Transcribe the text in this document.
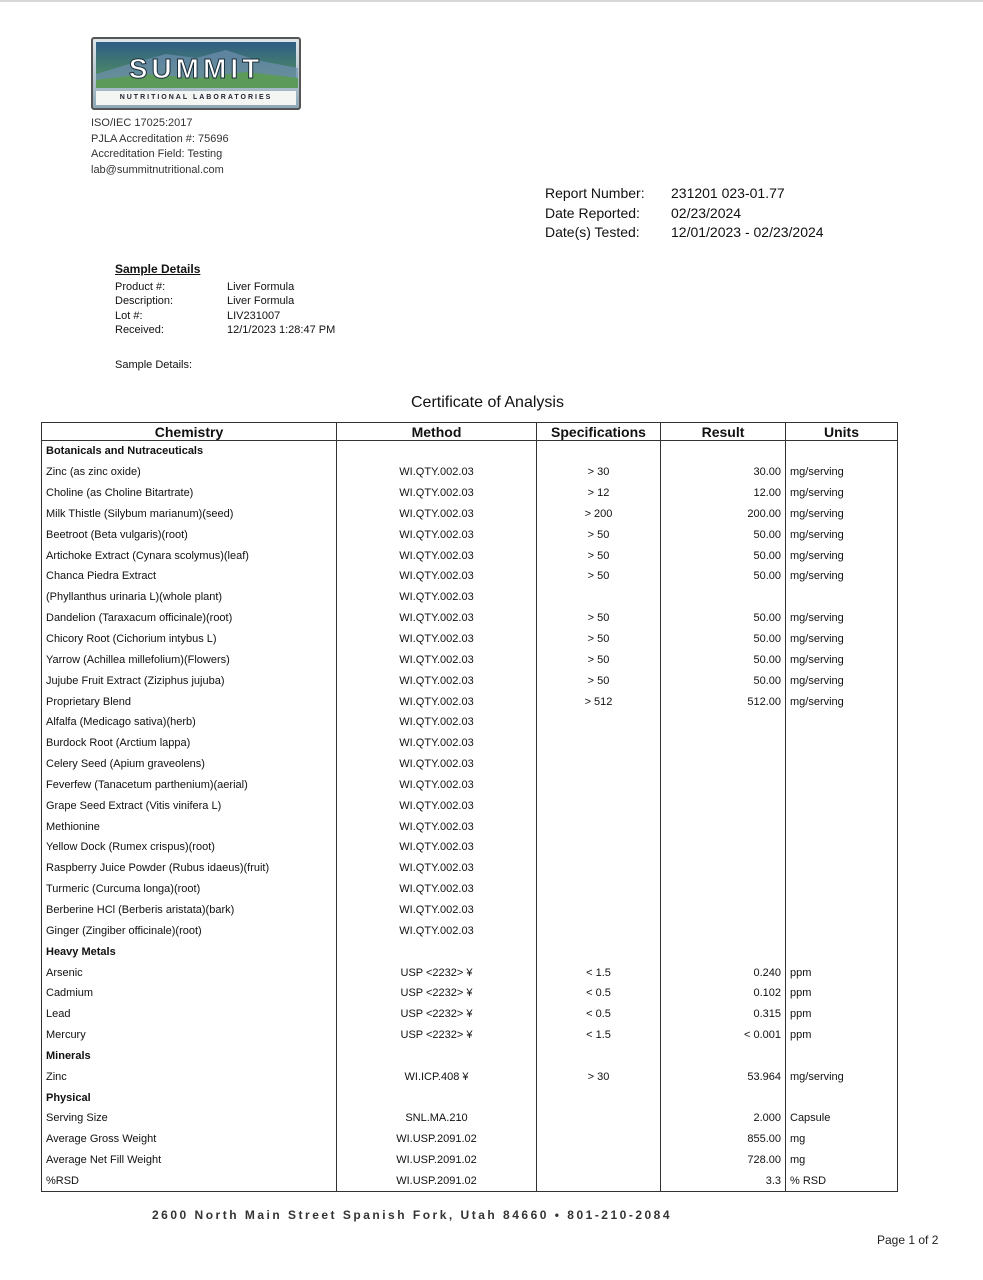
SUMMIT
NUTRITIONAL LABORATORIES
ISO/IEC 17025:2017
PJLA Accreditation #: 75696
Accreditation Field: Testing
lab@summitnutritional.com
Report Number:	231201 023-01.77
Date Reported:	02/23/2024
Date(s) Tested:	12/01/2023 - 02/23/2024
Sample Details
Product #:	Liver Formula
Description:	Liver Formula
Lot #:	LIV231007
Received:	12/1/2023 1:28:47 PM
Sample Details:
Certificate of Analysis
Chemistry	Method	Specifications	Result	Units
Botanicals and Nutraceuticals				
Zinc (as zinc oxide)	WI.QTY.002.03	> 30	30.00	mg/serving
Choline (as Choline Bitartrate)	WI.QTY.002.03	> 12	12.00	mg/serving
Milk Thistle (Silybum marianum)(seed)	WI.QTY.002.03	> 200	200.00	mg/serving
Beetroot (Beta vulgaris)(root)	WI.QTY.002.03	> 50	50.00	mg/serving
Artichoke Extract (Cynara scolymus)(leaf)	WI.QTY.002.03	> 50	50.00	mg/serving
Chanca Piedra Extract	WI.QTY.002.03	> 50	50.00	mg/serving
(Phyllanthus urinaria L)(whole plant)	WI.QTY.002.03			
Dandelion (Taraxacum officinale)(root)	WI.QTY.002.03	> 50	50.00	mg/serving
Chicory Root (Cichorium intybus L)	WI.QTY.002.03	> 50	50.00	mg/serving
Yarrow (Achillea millefolium)(Flowers)	WI.QTY.002.03	> 50	50.00	mg/serving
Jujube Fruit Extract (Ziziphus jujuba)	WI.QTY.002.03	> 50	50.00	mg/serving
Proprietary Blend	WI.QTY.002.03	> 512	512.00	mg/serving
Alfalfa (Medicago sativa)(herb)	WI.QTY.002.03			
Burdock Root (Arctium lappa)	WI.QTY.002.03			
Celery Seed (Apium graveolens)	WI.QTY.002.03			
Feverfew (Tanacetum parthenium)(aerial)	WI.QTY.002.03			
Grape Seed Extract (Vitis vinifera L)	WI.QTY.002.03			
Methionine	WI.QTY.002.03			
Yellow Dock (Rumex crispus)(root)	WI.QTY.002.03			
Raspberry Juice Powder (Rubus idaeus)(fruit)	WI.QTY.002.03			
Turmeric (Curcuma longa)(root)	WI.QTY.002.03			
Berberine HCl (Berberis aristata)(bark)	WI.QTY.002.03			
Ginger (Zingiber officinale)(root)	WI.QTY.002.03			
Heavy Metals				
Arsenic	USP <2232> ¥	< 1.5	0.240	ppm
Cadmium	USP <2232> ¥	< 0.5	0.102	ppm
Lead	USP <2232> ¥	< 0.5	0.315	ppm
Mercury	USP <2232> ¥	< 1.5	< 0.001	ppm
Minerals				
Zinc	WI.ICP.408 ¥	> 30	53.964	mg/serving
Physical				
Serving Size	SNL.MA.210		2.000	Capsule
Average Gross Weight	WI.USP.2091.02		855.00	mg
Average Net Fill Weight	WI.USP.2091.02		728.00	mg
%RSD	WI.USP.2091.02		3.3	% RSD
2600 North Main Street Spanish Fork, Utah 84660 • 801-210-2084
Page 1 of 2
